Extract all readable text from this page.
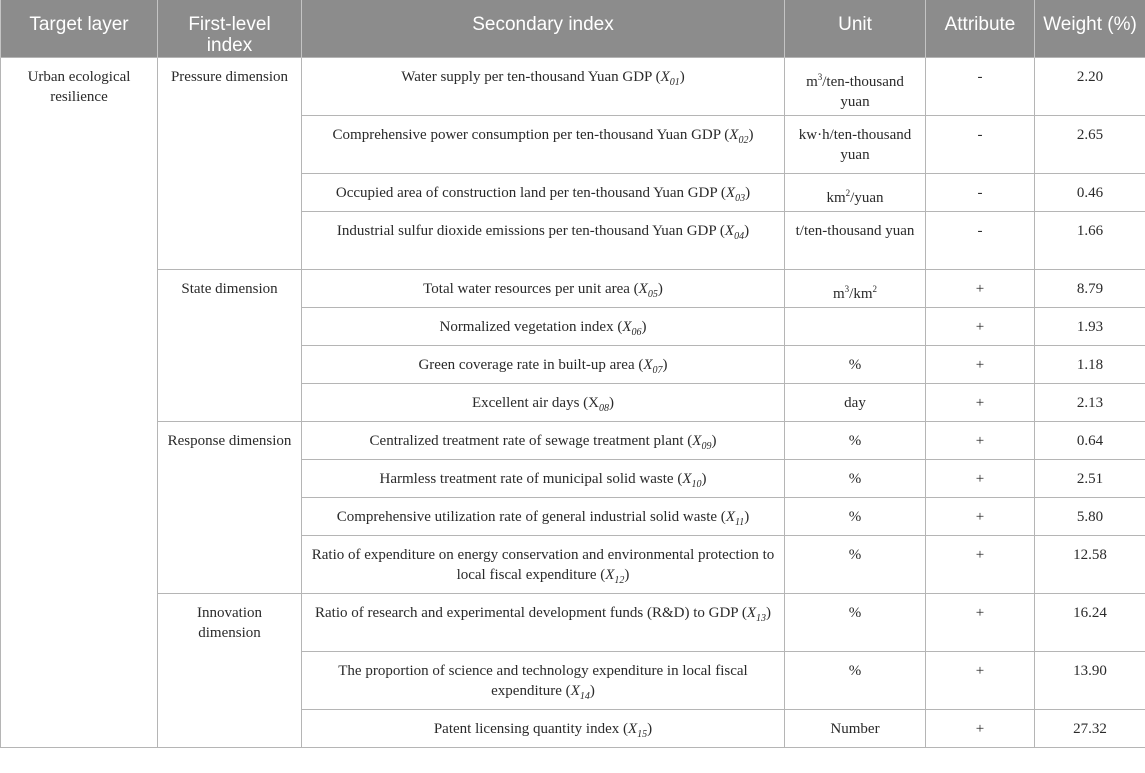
Target layer	First-level index	Secondary index	Unit	Attribute	Weight (%)
Urban ecological resilience	Pressure dimension	Water supply per ten-thousand Yuan GDP $(X_{01})$	$m^3/ten$-thousand yuan	-	2.20
		Comprehensive power consumption per ten-thousand Yuan GDP $(X_{02})$	kw·h/ten-thousand yuan	-	2.65
		Occupied area of construction land per ten-thousand Yuan GDP $(X_{03})$	$km^2$/yuan	-	0.46
		Industrial sulfur dioxide emissions per ten-thousand Yuan GDP $(X_{04})$	t/ten-thousand yuan	-	1.66
	State dimension	Total water resources per unit area $(X_{05})$	$m^3/km^2$	+	8.79
		Normalized vegetation index $(X_{06})$		+	1.93
		Green coverage rate in built-up area $(X_{07})$	%	+	1.18
		Excellent air days $(X_{08})$	day	+	2.13
	Response dimension	Centralized treatment rate of sewage treatment plant $(X_{09})$	%	+	0.64
		Harmless treatment rate of municipal solid waste $(X_{10})$	%	+	2.51
		Comprehensive utilization rate of general industrial solid waste $(X_{11})$	%	+	5.80
		Ratio of expenditure on energy conservation and environmental protection to local fiscal expenditure $(X_{12})$	%	+	12.58
	Innovation dimension	Ratio of research and experimental development funds (R&D) to GDP $(X_{13})$	%	+	16.24
		The proportion of science and technology expenditure in local fiscal expenditure $(X_{14})$	%	+	13.90
		Patent licensing quantity index $(X_{15})$	Number	+	27.32
